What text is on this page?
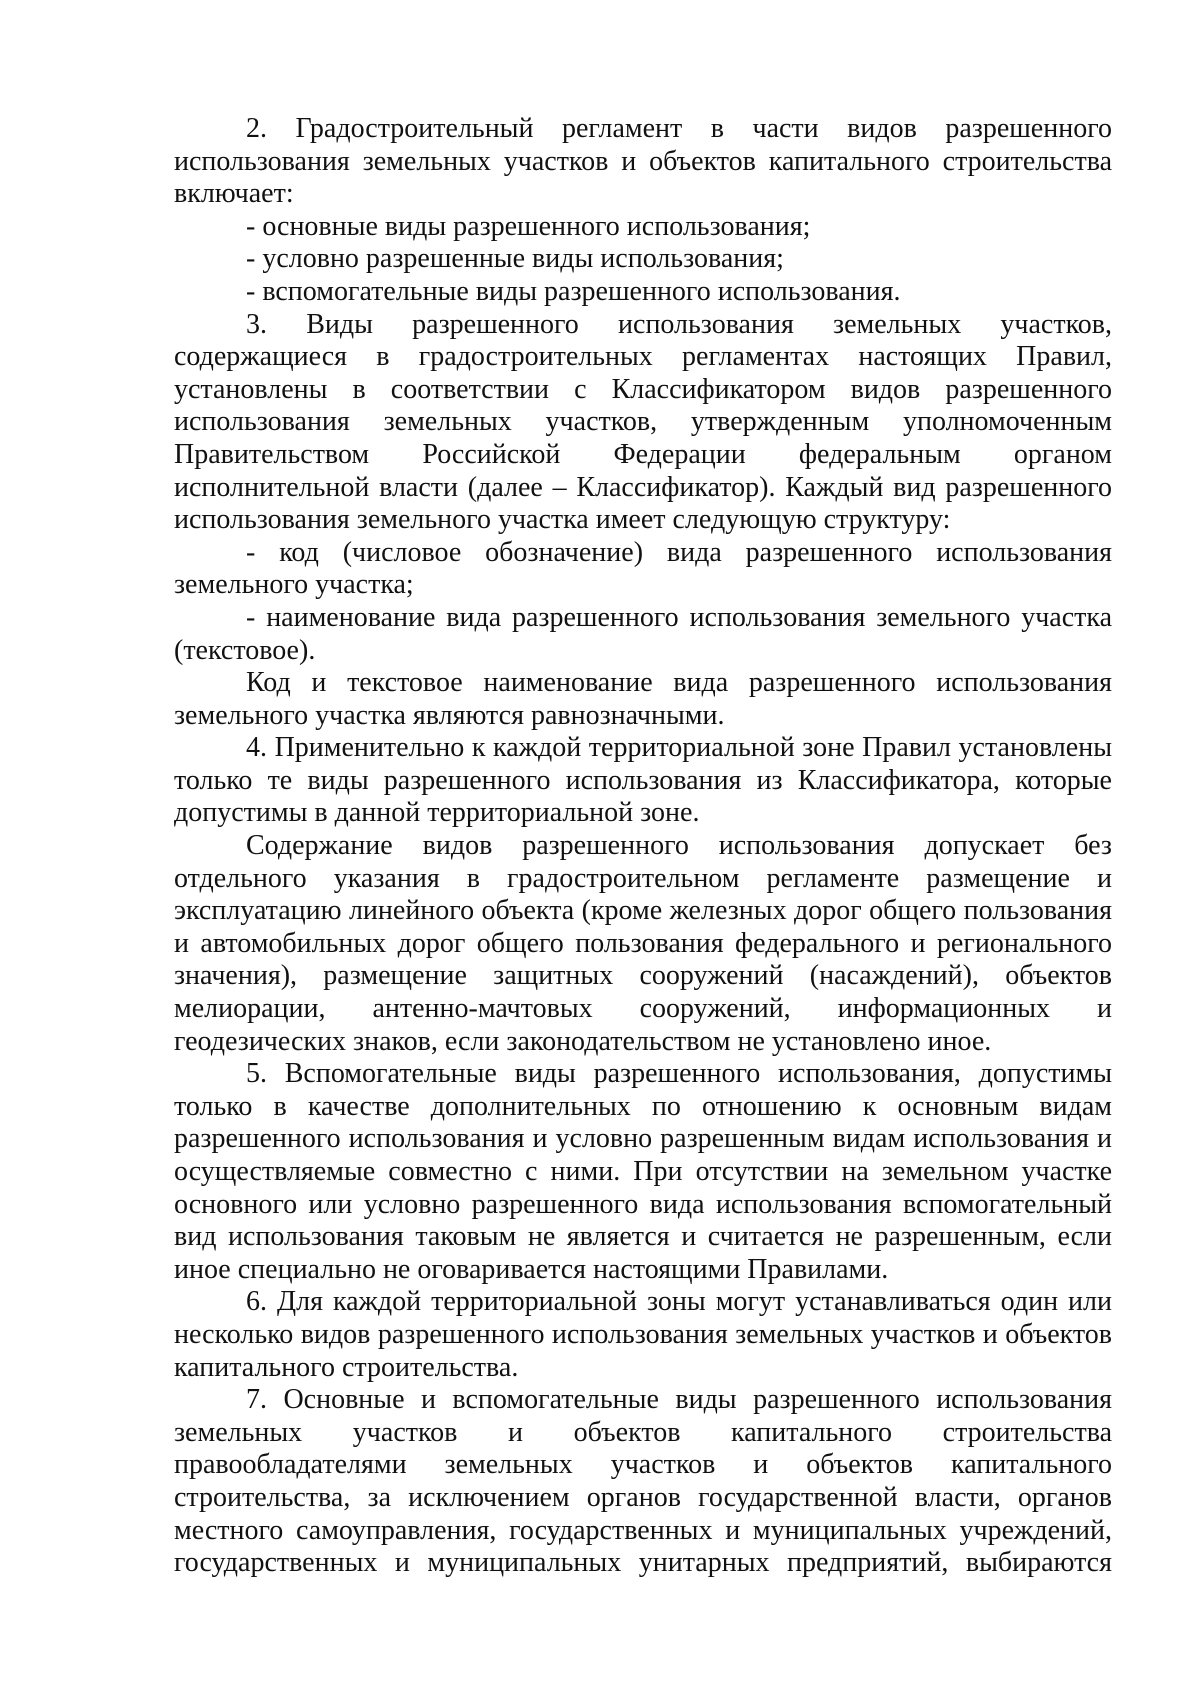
2. Градостроительный регламент в части видов разрешенного использования земельных участков и объектов капитального строительства включает:

- основные виды разрешенного использования;

- условно разрешенные виды использования;

- вспомогательные виды разрешенного использования.

3. Виды разрешенного использования земельных участков, содержащиеся в градостроительных регламентах настоящих Правил, установлены в соответствии с Классификатором видов разрешенного использования земельных участков, утвержденным уполномоченным Правительством Российской Федерации федеральным органом исполнительной власти (далее – Классификатор). Каждый вид разрешенного использования земельного участка имеет следующую структуру:

- код (числовое обозначение) вида разрешенного использования земельного участка;

- наименование вида разрешенного использования земельного участка (текстовое).

Код и текстовое наименование вида разрешенного использования земельного участка являются равнозначными.

4. Применительно к каждой территориальной зоне Правил установлены только те виды разрешенного использования из Классификатора, которые допустимы в данной территориальной зоне.

Содержание видов разрешенного использования допускает без отдельного указания в градостроительном регламенте размещение и эксплуатацию линейного объекта (кроме железных дорог общего пользования и автомобильных дорог общего пользования федерального и регионального значения), размещение защитных сооружений (насаждений), объектов мелиорации, антенно-мачтовых сооружений, информационных и геодезических знаков, если законодательством не установлено иное.

5. Вспомогательные виды разрешенного использования, допустимы только в качестве дополнительных по отношению к основным видам разрешенного использования и условно разрешенным видам использования и осуществляемые совместно с ними. При отсутствии на земельном участке основного или условно разрешенного вида использования вспомогательный вид использования таковым не является и считается не разрешенным, если иное специально не оговаривается настоящими Правилами.

6. Для каждой территориальной зоны могут устанавливаться один или несколько видов разрешенного использования земельных участков и объектов капитального строительства.

7. Основные и вспомогательные виды разрешенного использования земельных участков и объектов капитального строительства правообладателями земельных участков и объектов капитального строительства, за исключением органов государственной власти, органов местного самоуправления, государственных и муниципальных учреждений, государственных и муниципальных унитарных предприятий, выбираются
